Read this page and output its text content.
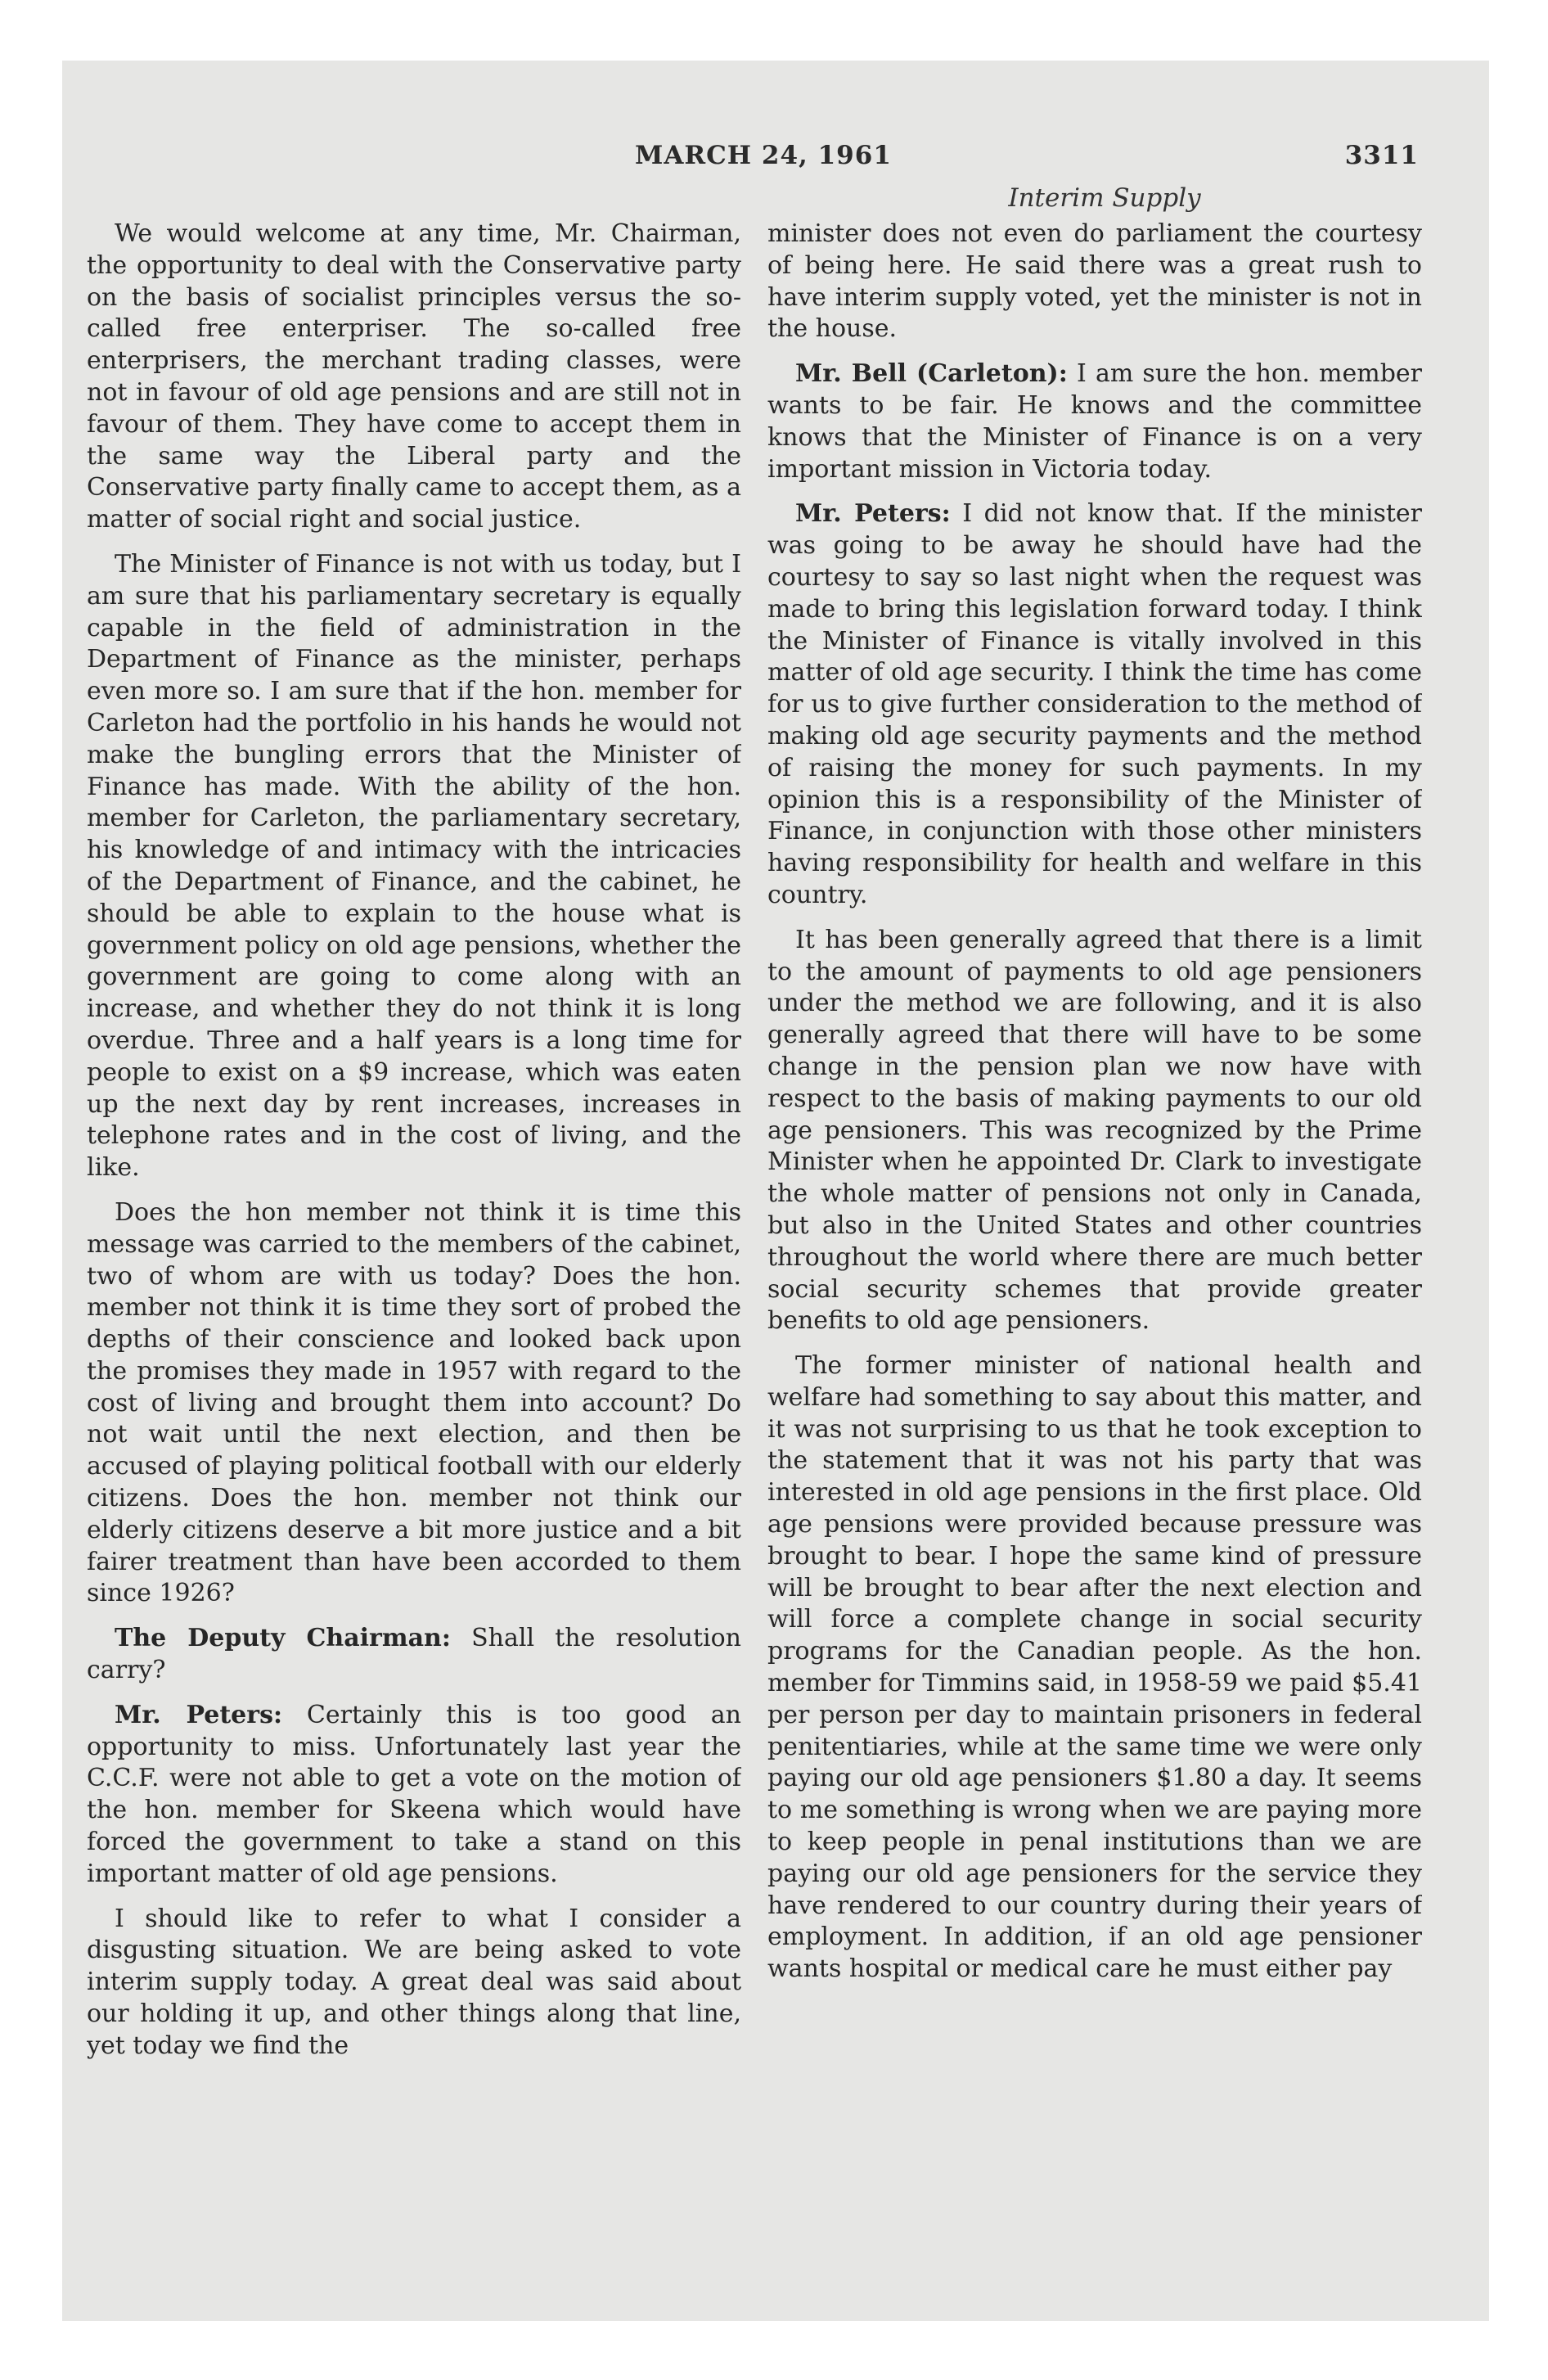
MARCH 24, 1961	3311
Interim Supply

We would welcome at any time, Mr. Chairman, the opportunity to deal with the Conservative party on the basis of socialist principles versus the so-called free enterpriser. The so-called free enterprisers, the merchant trading classes, were not in favour of old age pensions and are still not in favour of them. They have come to accept them in the same way the Liberal party and the Conservative party finally came to accept them, as a matter of social right and social justice.

The Minister of Finance is not with us today, but I am sure that his parliamentary secretary is equally capable in the field of administration in the Department of Finance as the minister, perhaps even more so. I am sure that if the hon. member for Carleton had the portfolio in his hands he would not make the bungling errors that the Minister of Finance has made. With the ability of the hon. member for Carleton, the parliamentary secretary, his knowledge of and intimacy with the intricacies of the Department of Finance, and the cabinet, he should be able to explain to the house what is government policy on old age pensions, whether the government are going to come along with an increase, and whether they do not think it is long overdue. Three and a half years is a long time for people to exist on a $9 increase, which was eaten up the next day by rent increases, increases in telephone rates and in the cost of living, and the like.

Does the hon member not think it is time this message was carried to the members of the cabinet, two of whom are with us today? Does the hon. member not think it is time they sort of probed the depths of their conscience and looked back upon the promises they made in 1957 with regard to the cost of living and brought them into account? Do not wait until the next election, and then be accused of playing political football with our elderly citizens. Does the hon. member not think our elderly citizens deserve a bit more justice and a bit fairer treatment than have been accorded to them since 1926?

The Deputy Chairman: Shall the resolution carry?

Mr. Peters: Certainly this is too good an opportunity to miss. Unfortunately last year the C.C.F. were not able to get a vote on the motion of the hon. member for Skeena which would have forced the government to take a stand on this important matter of old age pensions.

I should like to refer to what I consider a disgusting situation. We are being asked to vote interim supply today. A great deal was said about our holding it up, and other things along that line, yet today we find the

minister does not even do parliament the courtesy of being here. He said there was a great rush to have interim supply voted, yet the minister is not in the house.

Mr. Bell (Carleton): I am sure the hon. member wants to be fair. He knows and the committee knows that the Minister of Finance is on a very important mission in Victoria today.

Mr. Peters: I did not know that. If the minister was going to be away he should have had the courtesy to say so last night when the request was made to bring this legislation forward today. I think the Minister of Finance is vitally involved in this matter of old age security. I think the time has come for us to give further consideration to the method of making old age security payments and the method of raising the money for such payments. In my opinion this is a responsibility of the Minister of Finance, in conjunction with those other ministers having responsibility for health and welfare in this country.

It has been generally agreed that there is a limit to the amount of payments to old age pensioners under the method we are following, and it is also generally agreed that there will have to be some change in the pension plan we now have with respect to the basis of making payments to our old age pensioners. This was recognized by the Prime Minister when he appointed Dr. Clark to investigate the whole matter of pensions not only in Canada, but also in the United States and other countries throughout the world where there are much better social security schemes that provide greater benefits to old age pensioners.

The former minister of national health and welfare had something to say about this matter, and it was not surprising to us that he took exception to the statement that it was not his party that was interested in old age pensions in the first place. Old age pensions were provided because pressure was brought to bear. I hope the same kind of pressure will be brought to bear after the next election and will force a complete change in social security programs for the Canadian people. As the hon. member for Timmins said, in 1958-59 we paid $5.41 per person per day to maintain prisoners in federal penitentiaries, while at the same time we were only paying our old age pensioners $1.80 a day. It seems to me something is wrong when we are paying more to keep people in penal institutions than we are paying our old age pensioners for the service they have rendered to our country during their years of employment. In addition, if an old age pensioner wants hospital or medical care he must either pay
